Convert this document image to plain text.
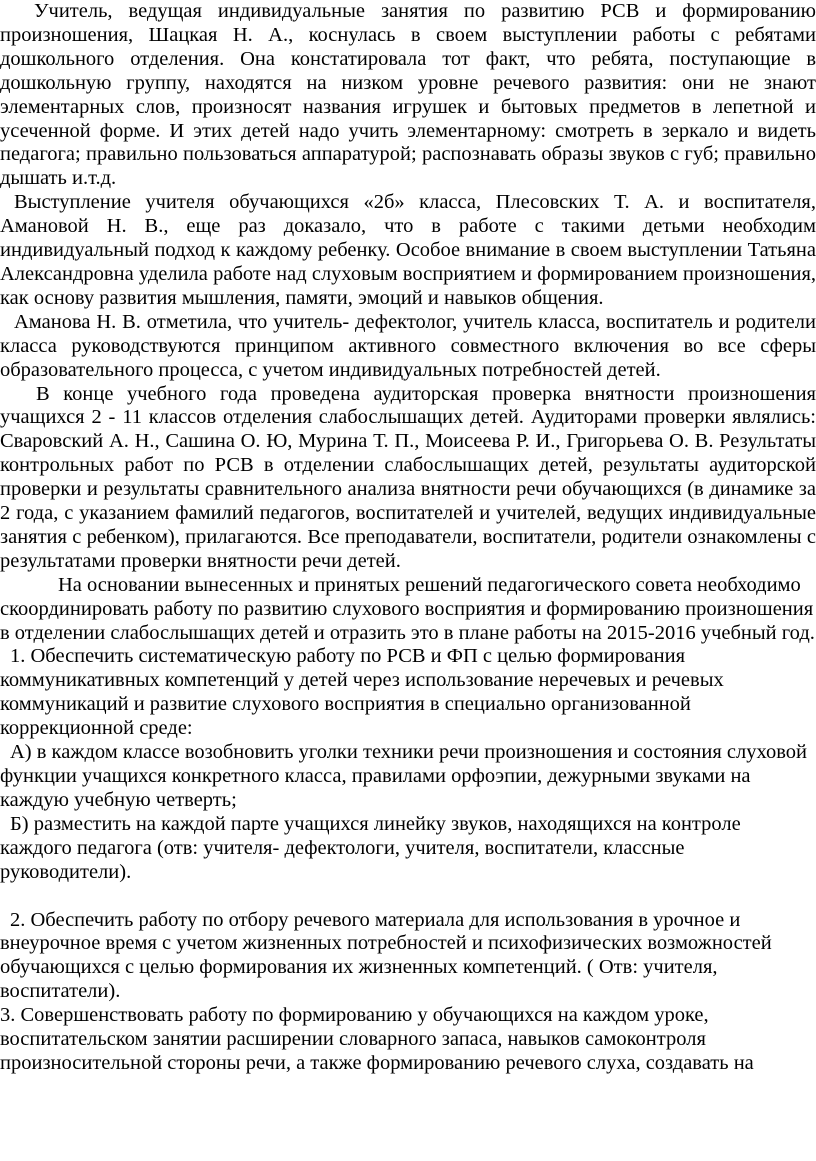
Учитель, ведущая индивидуальные занятия по развитию РСВ и формированию произношения, Шацкая Н. А., коснулась в своем выступлении работы с ребятами дошкольного отделения. Она констатировала тот факт, что ребята, поступающие в дошкольную группу, находятся на низком уровне речевого развития: они не знают элементарных слов, произносят названия игрушек и бытовых предметов в лепетной и усеченной форме. И этих детей надо учить элементарному: смотреть в зеркало и видеть педагога; правильно пользоваться аппаратурой; распознавать образы звуков с губ; правильно дышать и.т.д.

Выступление учителя обучающихся «2б» класса, Плесовских Т. А. и воспитателя, Амановой Н. В., еще раз доказало, что в работе с такими детьми необходим индивидуальный подход к каждому ребенку. Особое внимание в своем выступлении Татьяна Александровна уделила работе над слуховым восприятием и формированием произношения, как основу развития мышления, памяти, эмоций и навыков общения.

Аманова Н. В. отметила, что учитель- дефектолог, учитель класса, воспитатель и родители класса руководствуются принципом активного совместного включения во все сферы образовательного процесса, с учетом индивидуальных потребностей детей.

В конце учебного года проведена аудиторская проверка внятности произношения учащихся 2 - 11 классов отделения слабослышащих детей. Аудиторами проверки являлись: Сваровский А. Н., Сашина О. Ю, Мурина Т. П., Моисеева Р. И., Григорьева О. В. Результаты контрольных работ по РСВ в отделении слабослышащих детей, результаты аудиторской проверки и результаты сравнительного анализа внятности речи обучающихся (в динамике за 2 года, с указанием фамилий педагогов, воспитателей и учителей, ведущих индивидуальные занятия с ребенком), прилагаются. Все преподаватели, воспитатели, родители ознакомлены с результатами проверки внятности речи детей.

На основании вынесенных и принятых решений педагогического совета необходимо скоординировать работу по развитию слухового восприятия и формированию произношения в отделении слабослышащих детей и отразить это в плане работы на 2015-2016 учебный год.

1. Обеспечить систематическую работу по РСВ и ФП с целью формирования коммуникативных компетенций у детей через использование неречевых и речевых коммуникаций и развитие слухового восприятия в специально организованной коррекционной среде:

А) в каждом классе возобновить уголки техники речи произношения и состояния слуховой функции учащихся конкретного класса, правилами орфоэпии, дежурными звуками на каждую учебную четверть;

Б) разместить на каждой парте учащихся линейку звуков, находящихся на контроле каждого педагога (отв: учителя- дефектологи, учителя, воспитатели, классные руководители).

2. Обеспечить работу по отбору речевого материала для использования в урочное и внеурочное время с учетом жизненных потребностей и психофизических возможностей обучающихся с целью формирования их жизненных компетенций. ( Отв: учителя, воспитатели).

3. Совершенствовать работу по формированию у обучающихся на каждом уроке, воспитательском занятии расширении словарного запаса, навыков самоконтроля произносительной стороны речи, а также формированию речевого слуха, создавать на
